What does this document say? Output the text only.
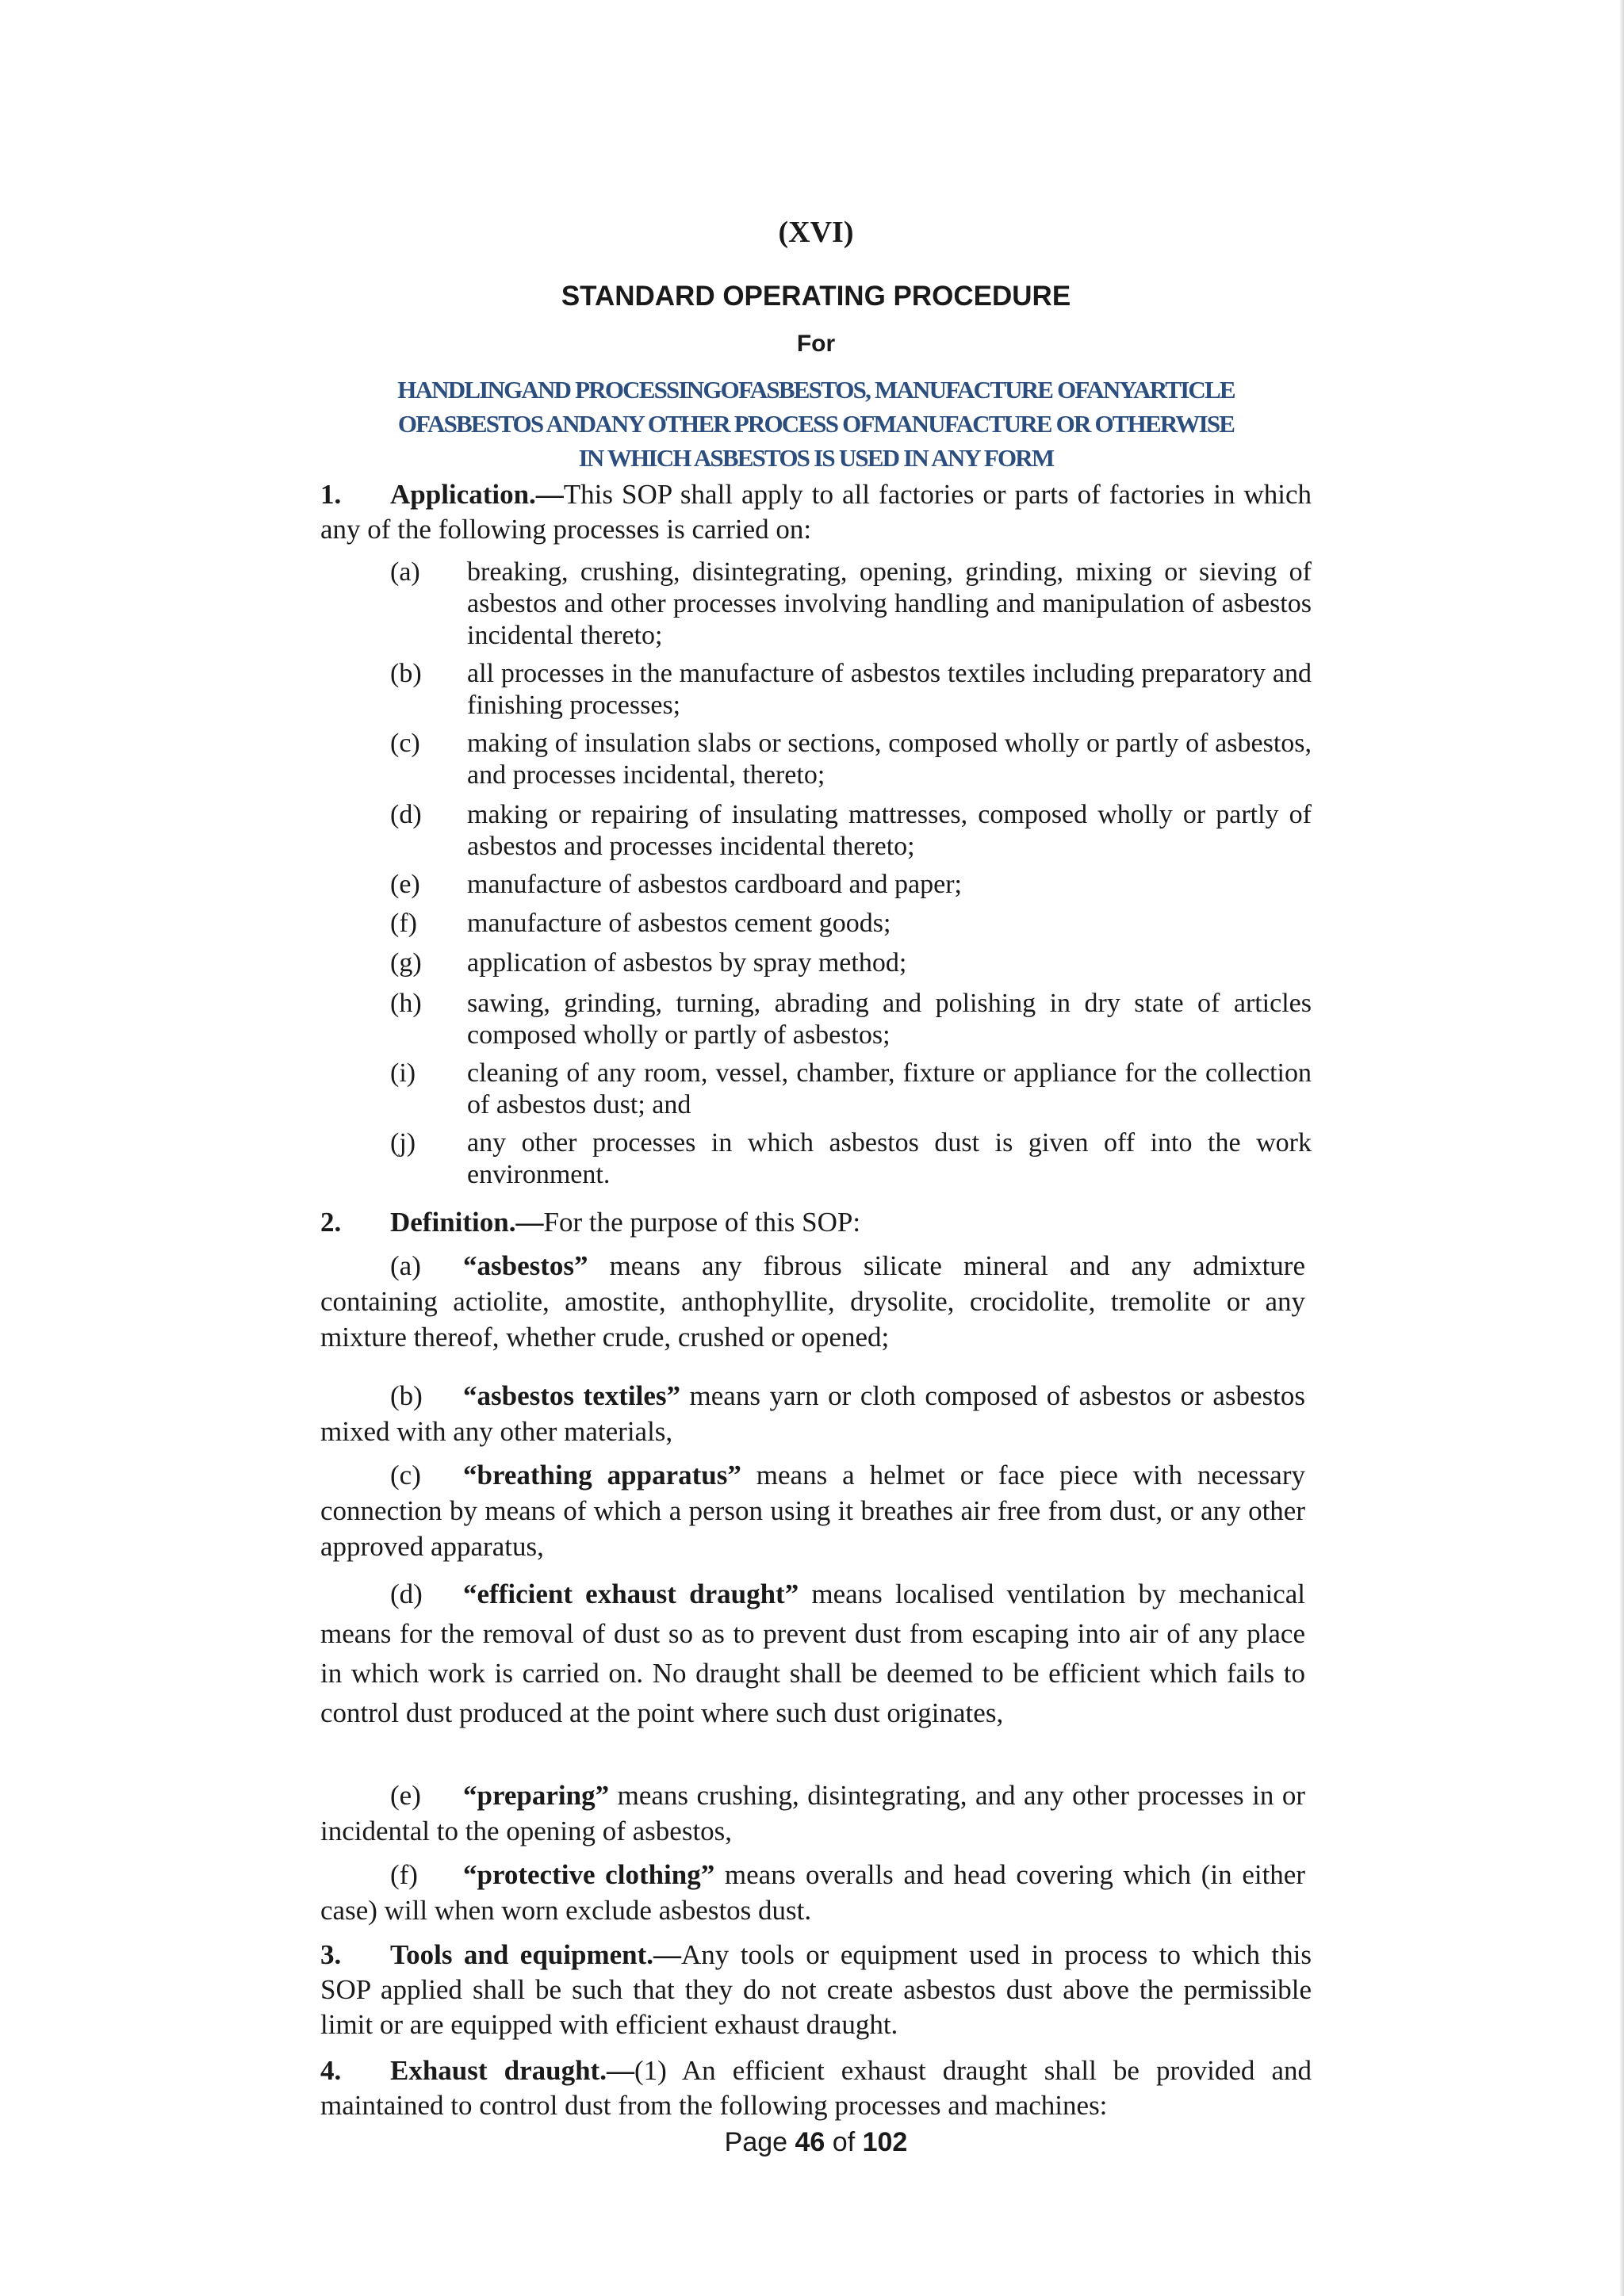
(XVI)
STANDARD OPERATING PROCEDURE
For
HANDLINGAND PROCESSINGOFASBESTOS, MANUFACTURE OFANYARTICLE
OFASBESTOS ANDANY OTHER PROCESS OFMANUFACTURE OR OTHERWISE
IN WHICH ASBESTOS IS USED IN ANY FORM
1. Application.—This SOP shall apply to all factories or parts of factories in which any of the following processes is carried on:
(a) breaking, crushing, disintegrating, opening, grinding, mixing or sieving of asbestos and other processes involving handling and manipulation of asbestos incidental thereto;
(b) all processes in the manufacture of asbestos textiles including preparatory and finishing processes;
(c) making of insulation slabs or sections, composed wholly or partly of asbestos, and processes incidental, thereto;
(d) making or repairing of insulating mattresses, composed wholly or partly of asbestos and processes incidental thereto;
(e) manufacture of asbestos cardboard and paper;
(f) manufacture of asbestos cement goods;
(g) application of asbestos by spray method;
(h) sawing, grinding, turning, abrading and polishing in dry state of articles composed wholly or partly of asbestos;
(i) cleaning of any room, vessel, chamber, fixture or appliance for the collection of asbestos dust; and
(j) any other processes in which asbestos dust is given off into the work environment.
2. Definition.—For the purpose of this SOP:
(a) “asbestos” means any fibrous silicate mineral and any admixture containing actiolite, amostite, anthophyllite, drysolite, crocidolite, tremolite or any mixture thereof, whether crude, crushed or opened;
(b) “asbestos textiles” means yarn or cloth composed of asbestos or asbestos mixed with any other materials,
(c) “breathing apparatus” means a helmet or face piece with necessary connection by means of which a person using it breathes air free from dust, or any other approved apparatus,
(d) “efficient exhaust draught” means localised ventilation by mechanical means for the removal of dust so as to prevent dust from escaping into air of any place in which work is carried on. No draught shall be deemed to be efficient which fails to control dust produced at the point where such dust originates,
(e) “preparing” means crushing, disintegrating, and any other processes in or incidental to the opening of asbestos,
(f) “protective clothing” means overalls and head covering which (in either case) will when worn exclude asbestos dust.
3. Tools and equipment.—Any tools or equipment used in process to which this SOP applied shall be such that they do not create asbestos dust above the permissible limit or are equipped with efficient exhaust draught.
4. Exhaust draught.—(1) An efficient exhaust draught shall be provided and maintained to control dust from the following processes and machines:
Page 46 of 102
